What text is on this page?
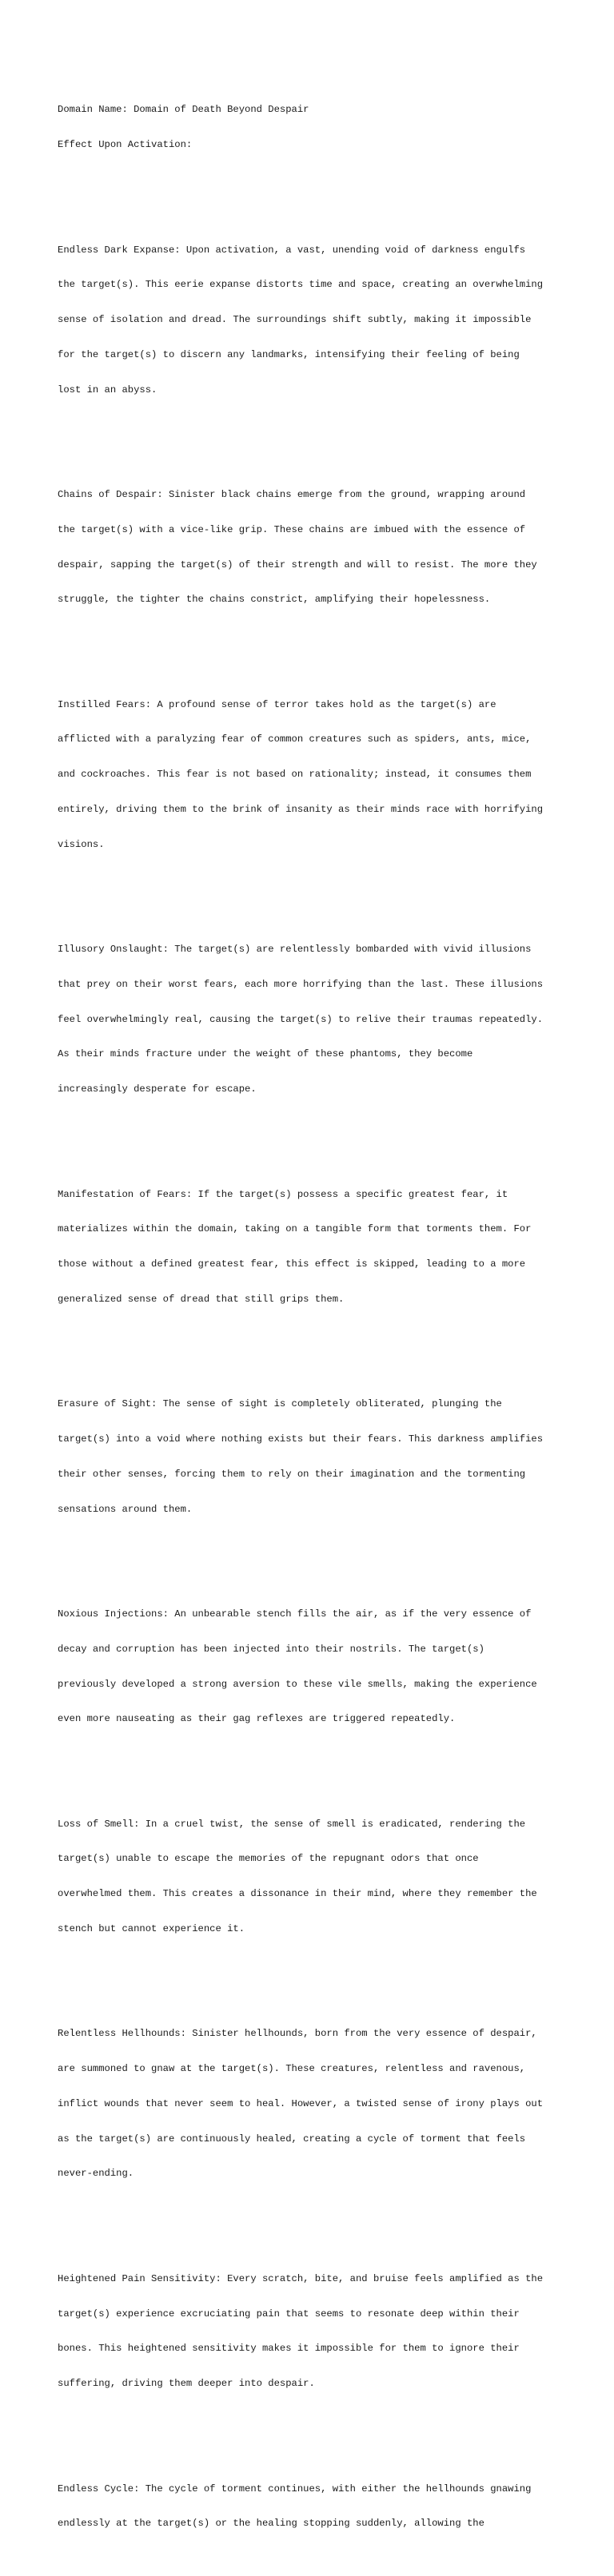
Domain Name: Domain of Death Beyond Despair

Effect Upon Activation:

Endless Dark Expanse: Upon activation, a vast, unending void of darkness engulfs

the target(s). This eerie expanse distorts time and space, creating an overwhelming

sense of isolation and dread. The surroundings shift subtly, making it impossible

for the target(s) to discern any landmarks, intensifying their feeling of being

lost in an abyss.

Chains of Despair: Sinister black chains emerge from the ground, wrapping around

the target(s) with a vice-like grip. These chains are imbued with the essence of

despair, sapping the target(s) of their strength and will to resist. The more they

struggle, the tighter the chains constrict, amplifying their hopelessness.

Instilled Fears: A profound sense of terror takes hold as the target(s) are

afflicted with a paralyzing fear of common creatures such as spiders, ants, mice,

and cockroaches. This fear is not based on rationality; instead, it consumes them

entirely, driving them to the brink of insanity as their minds race with horrifying

visions.

Illusory Onslaught: The target(s) are relentlessly bombarded with vivid illusions

that prey on their worst fears, each more horrifying than the last. These illusions

feel overwhelmingly real, causing the target(s) to relive their traumas repeatedly.

As their minds fracture under the weight of these phantoms, they become

increasingly desperate for escape.

Manifestation of Fears: If the target(s) possess a specific greatest fear, it

materializes within the domain, taking on a tangible form that torments them. For

those without a defined greatest fear, this effect is skipped, leading to a more

generalized sense of dread that still grips them.

Erasure of Sight: The sense of sight is completely obliterated, plunging the

target(s) into a void where nothing exists but their fears. This darkness amplifies

their other senses, forcing them to rely on their imagination and the tormenting

sensations around them.

Noxious Injections: An unbearable stench fills the air, as if the very essence of

decay and corruption has been injected into their nostrils. The target(s)

previously developed a strong aversion to these vile smells, making the experience

even more nauseating as their gag reflexes are triggered repeatedly.

Loss of Smell: In a cruel twist, the sense of smell is eradicated, rendering the

target(s) unable to escape the memories of the repugnant odors that once

overwhelmed them. This creates a dissonance in their mind, where they remember the

stench but cannot experience it.

Relentless Hellhounds: Sinister hellhounds, born from the very essence of despair,

are summoned to gnaw at the target(s). These creatures, relentless and ravenous,

inflict wounds that never seem to heal. However, a twisted sense of irony plays out

as the target(s) are continuously healed, creating a cycle of torment that feels

never-ending.

Heightened Pain Sensitivity: Every scratch, bite, and bruise feels amplified as the

target(s) experience excruciating pain that seems to resonate deep within their

bones. This heightened sensitivity makes it impossible for them to ignore their

suffering, driving them deeper into despair.

Endless Cycle: The cycle of torment continues, with either the hellhounds gnawing

endlessly at the target(s) or the healing stopping suddenly, allowing the
